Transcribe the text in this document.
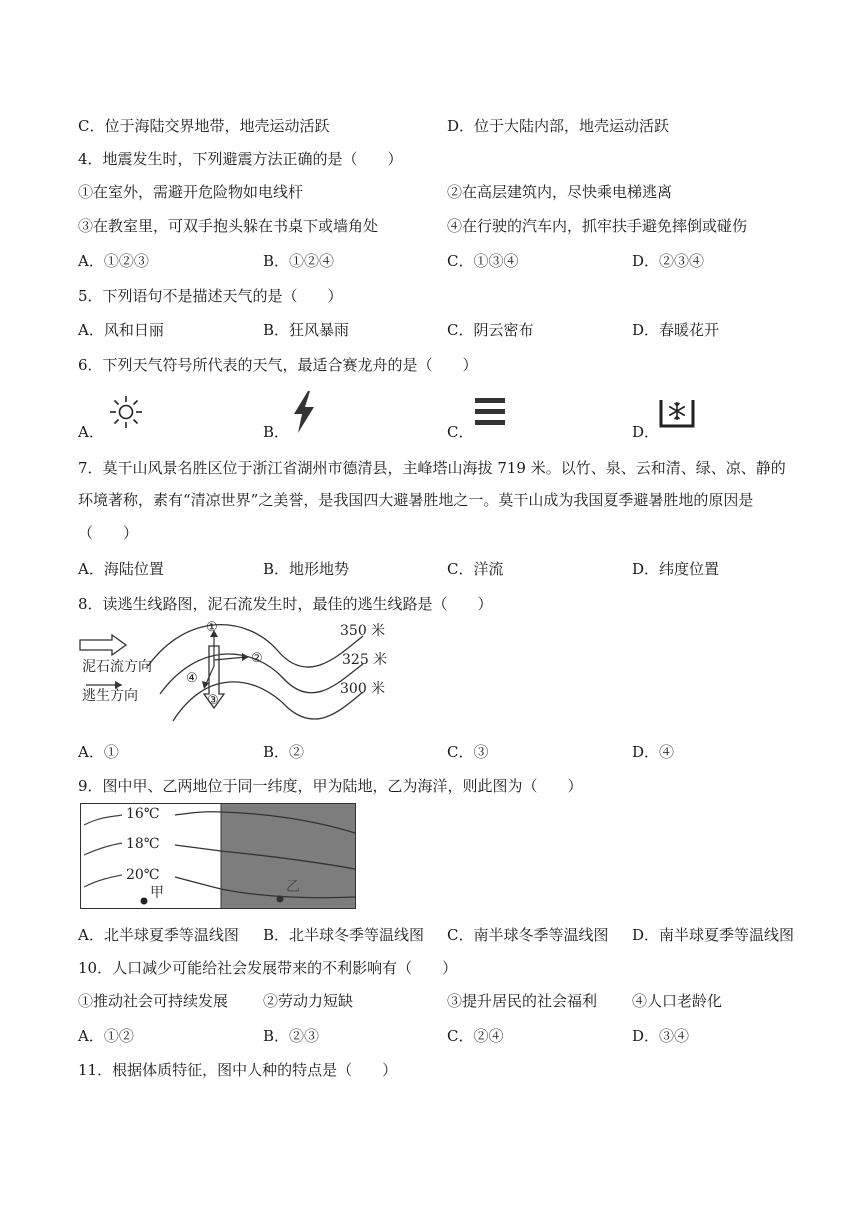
C．位于海陆交界地带，地壳运动活跃	D．位于大陆内部，地壳运动活跃
4．地震发生时，下列避震方法正确的是（　　）
①在室外，需避开危险物如电线杆	②在高层建筑内，尽快乘电梯逃离
③在教室里，可双手抱头躲在书桌下或墙角处	④在行驶的汽车内，抓牢扶手避免摔倒或碰伤
A．①②③	B．①②④	C．①③④	D．②③④
5．下列语句不是描述天气的是（　　）
A．风和日丽	B．狂风暴雨	C．阴云密布	D．春暖花开
6．下列天气符号所代表的天气，最适合赛龙舟的是（　　）
A．	B．	C．	D．
7．莫干山风景名胜区位于浙江省湖州市德清县，主峰塔山海拔 719 米。以竹、泉、云和清、绿、凉、静的
环境著称，素有“清凉世界”之美誉，是我国四大避暑胜地之一。莫干山成为我国夏季避暑胜地的原因是
（　　）
A．海陆位置	B．地形地势	C．洋流	D．纬度位置
8．读逃生线路图，泥石流发生时，最佳的逃生线路是（　　）
350 米
325 米
300 米
泥石流方向
逃生方向
①
②
③
④
A．①	B．②	C．③	D．④
9．图中甲、乙两地位于同一纬度，甲为陆地，乙为海洋，则此图为（　　）
16℃
18℃
20℃
甲	乙
A．北半球夏季等温线图 B．北半球冬季等温线图 C．南半球冬季等温线图 D．南半球夏季等温线图
10．人口减少可能给社会发展带来的不利影响有（　　）
①推动社会可持续发展 ②劳动力短缺	③提升居民的社会福利 ④人口老龄化
A．①②	B．②③	C．②④	D．③④
11．根据体质特征，图中人种的特点是（　　）
